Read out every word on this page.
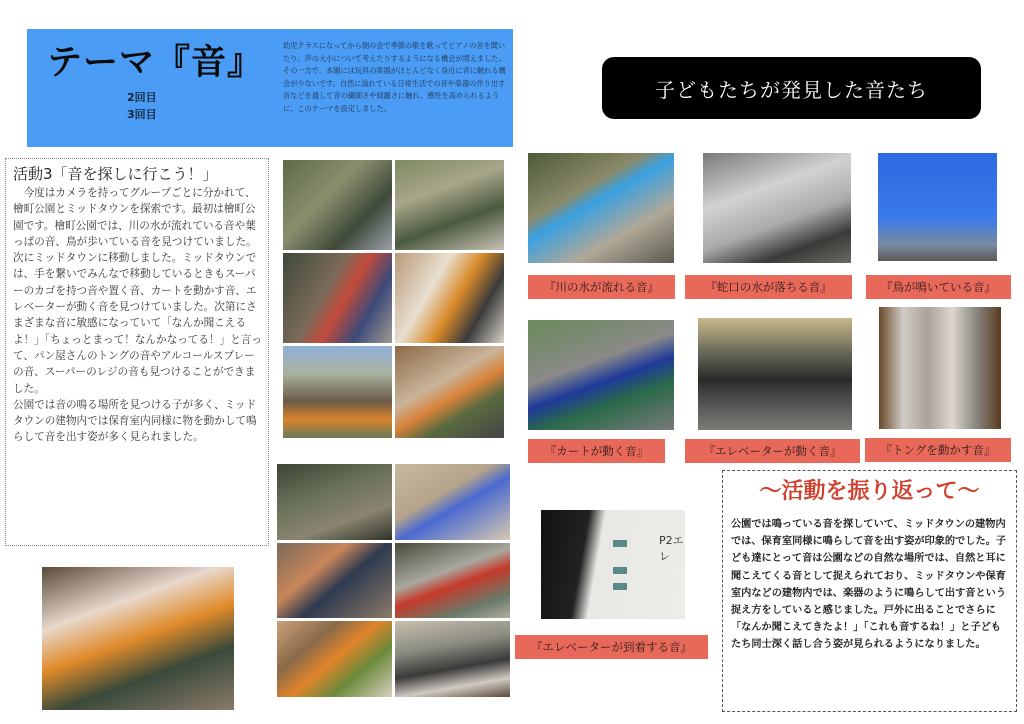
テーマ『音』
2回目
3回目
幼児クラスになってから朝の会で季節の歌を歌ってピアノの音を聞いたり、声の大小について考えたりするようになる機会が増えました。その一方で、本園には玩具の楽器がほとんどなく身近に音に触れる機会が少ないです。自然に溢れている日常生活での音や楽器の作り出す音などを通して音の繊細さや綺麗さに触れ、感性を高められるように、このテーマを設定しました。
子どもたちが発見した音たち
活動3「音を探しに行こう！」

今度はカメラを持ってグループごとに分かれて、檜町公園とミッドタウンを探索です。最初は檜町公園です。檜町公園では、川の水が流れている音や葉っぱの音、鳥が歩いている音を見つけていました。

次にミッドタウンに移動しました。ミッドタウンでは、手を繋いでみんなで移動しているときもスーパーのカゴを持つ音や置く音、カートを動かす音、エレベーターが動く音を見つけていました。次第にさまざまな音に敏感になっていて「なんか聞こえるよ！」「ちょっとまって！なんかなってる！」と言って、パン屋さんのトングの音やアルコールスプレーの音、スーパーのレジの音も見つけることができました。

公園では音の鳴る場所を見つける子が多く、ミッドタウンの建物内では保育室内同様に物を動かして鳴らして音を出す姿が多く見られました。

『川の水が流れる音』	『蛇口の水が落ちる音』	『鳥が鳴いている音』
『カートが動く音』	『エレベーターが動く音』	『トングを動かす音』
P2エレ
『エレベーターが到着する音』
～活動を振り返って～
公園では鳴っている音を探していて、ミッドタウンの建物内では、保育室同様に鳴らして音を出す姿が印象的でした。子ども達にとって音は公園などの自然な場所では、自然と耳に聞こえてくる音として捉えられており、ミッドタウンや保育室内などの建物内では、楽器のように鳴らして出す音という捉え方をしていると感じました。戸外に出ることでさらに「なんか聞こえてきたよ！」「これも音するね！」と子どもたち同士深く話し合う姿が見られるようになりました。
